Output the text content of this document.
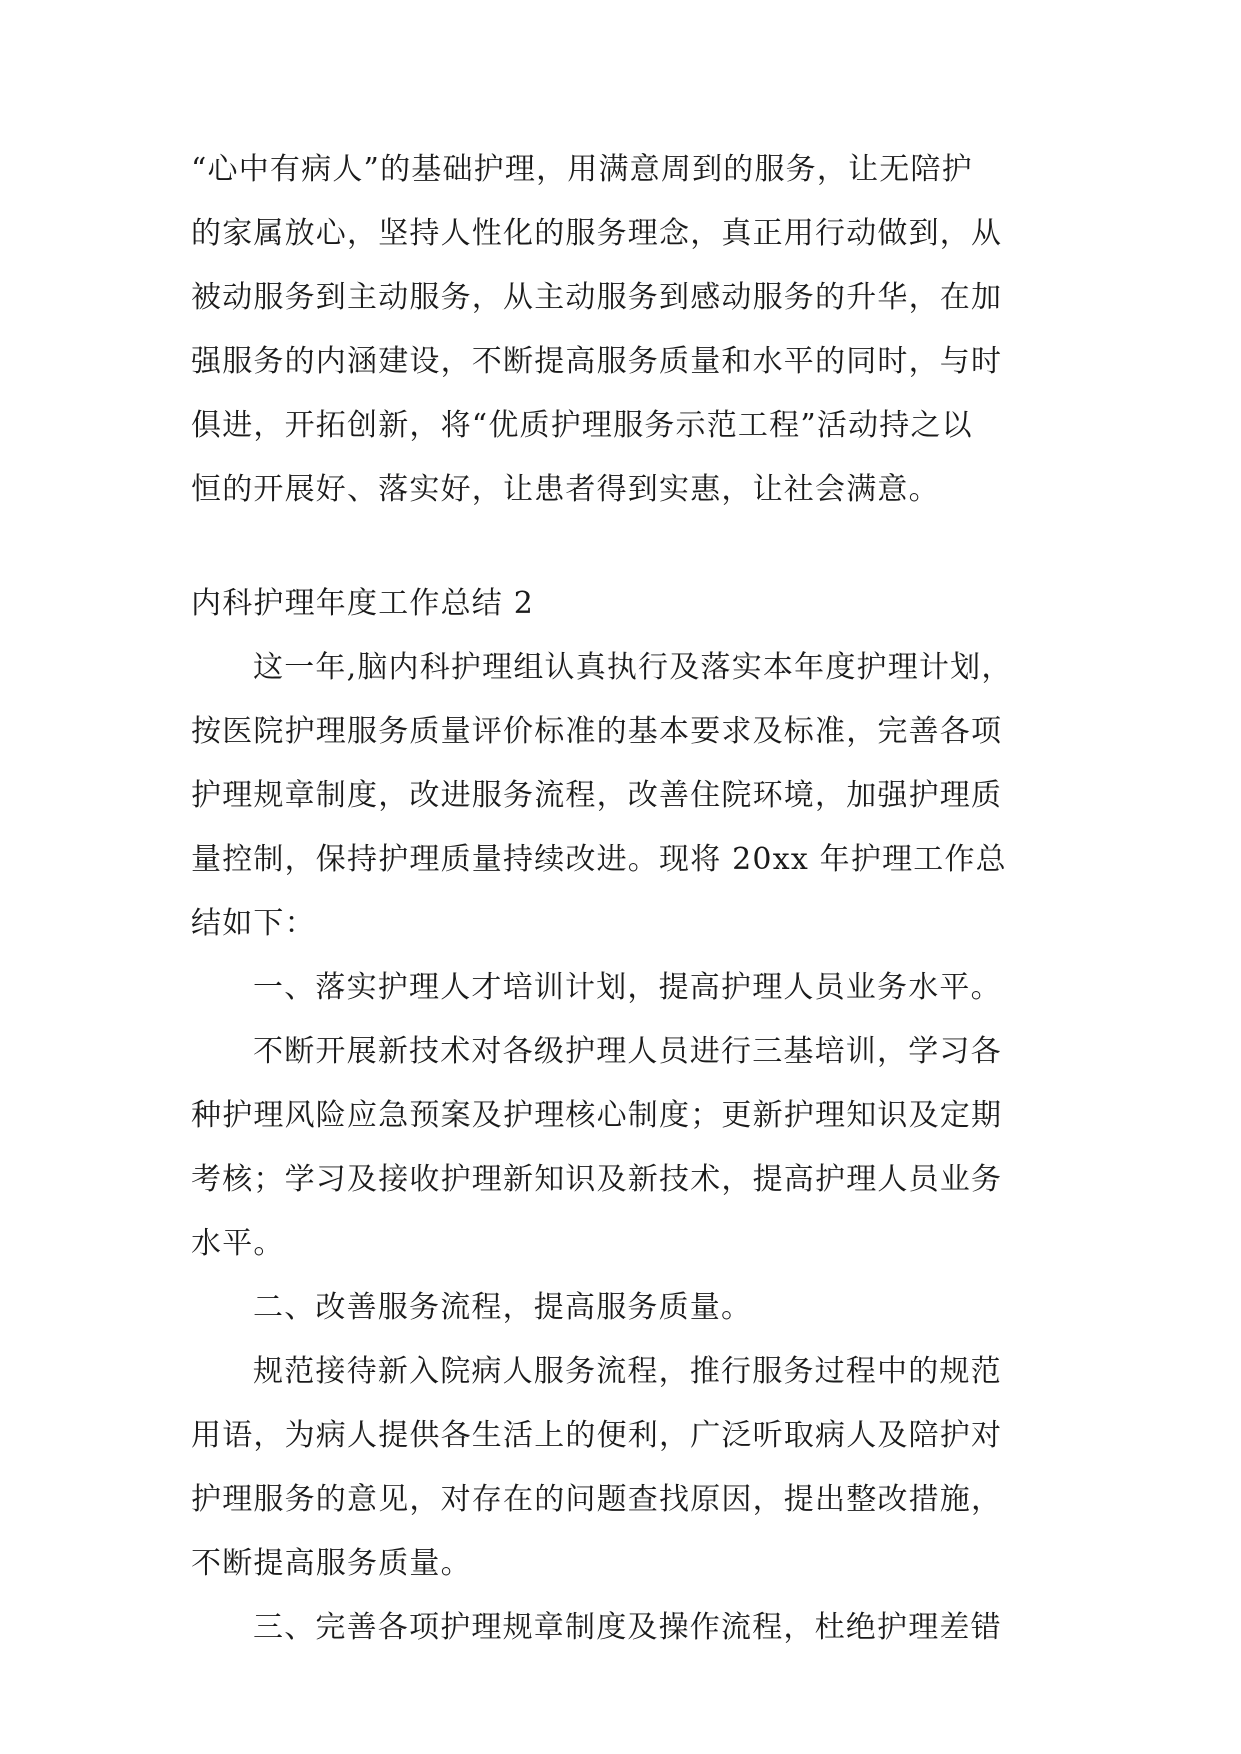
“心中有病人”的基础护理，用满意周到的服务，让无陪护
的家属放心，坚持人性化的服务理念，真正用行动做到，从
被动服务到主动服务，从主动服务到感动服务的升华，在加
强服务的内涵建设，不断提高服务质量和水平的同时，与时
俱进，开拓创新，将“优质护理服务示范工程”活动持之以
恒的开展好、落实好，让患者得到实惠，让社会满意。
内科护理年度工作总结 2
这一年,脑内科护理组认真执行及落实本年度护理计划，
按医院护理服务质量评价标准的基本要求及标准，完善各项
护理规章制度，改进服务流程，改善住院环境，加强护理质
量控制，保持护理质量持续改进。现将 20xx 年护理工作总
结如下：
一、落实护理人才培训计划，提高护理人员业务水平。
不断开展新技术对各级护理人员进行三基培训，学习各
种护理风险应急预案及护理核心制度；更新护理知识及定期
考核；学习及接收护理新知识及新技术，提高护理人员业务
水平。
二、改善服务流程，提高服务质量。
规范接待新入院病人服务流程，推行服务过程中的规范
用语，为病人提供各生活上的便利，广泛听取病人及陪护对
护理服务的意见，对存在的问题查找原因，提出整改措施，
不断提高服务质量。
三、完善各项护理规章制度及操作流程，杜绝护理差错
